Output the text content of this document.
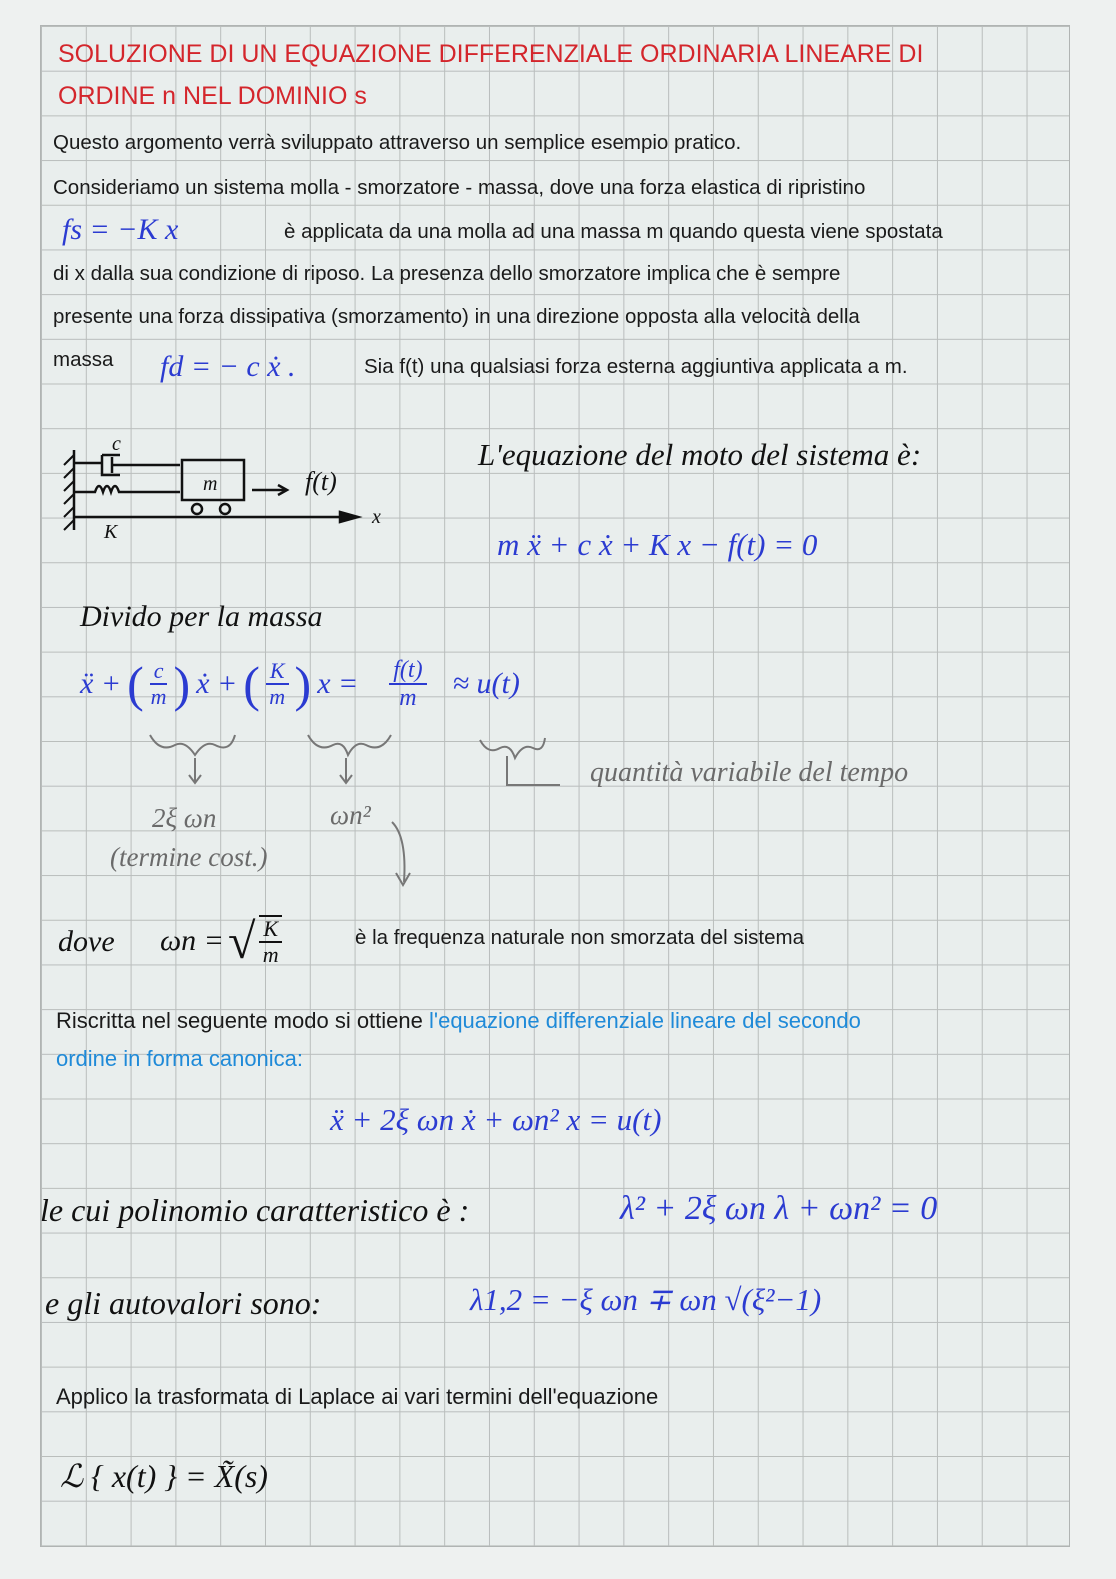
SOLUZIONE DI UN EQUAZIONE DIFFERENZIALE ORDINARIA LINEARE DI
ORDINE n NEL DOMINIO s
Questo argomento verrà sviluppato attraverso un semplice esempio pratico.
Consideriamo un sistema molla - smorzatore - massa, dove una forza elastica di ripristino
fs = −K x	è applicata da una molla ad una massa m quando questa viene spostata
di x dalla sua condizione di riposo. La presenza dello smorzatore implica che è sempre
presente una forza dissipativa (smorzamento) in una direzione opposta alla velocità della
massa fd = − c ẋ .	Sia f(t) una qualsiasi forza esterna aggiuntiva applicata a m.
c
K
m	f(t)
x
L'equazione del moto del sistema è:
m ẍ + c ẋ + K x − f(t) = 0
Divido per la massa
ẍ + ( $\frac{c}{m}$ ) ẋ + ( $\frac{K}{m}$ ) $x = \frac{f(t)}{m} \approx u(t)$
quantità variabile del tempo
2ξ ωn
(termine cost.)
ωn²
dove ωn = √ $\frac{K}{m}$	è la frequenza naturale non smorzata del sistema
Riscritta nel seguente modo si ottiene l'equazione differenziale lineare del secondo
ordine in forma canonica:
ẍ + 2ξ ωn ẋ + ωn² x = u(t)
le cui polinomio caratteristico è :	λ² + 2ξ ωn λ + ωn² = 0
e gli autovalori sono:	λ1,2 = −ξ ωn ∓ ωn √(ξ²−1)
Applico la trasformata di Laplace ai vari termini dell'equazione
ℒ { x(t) } = X̃(s)
